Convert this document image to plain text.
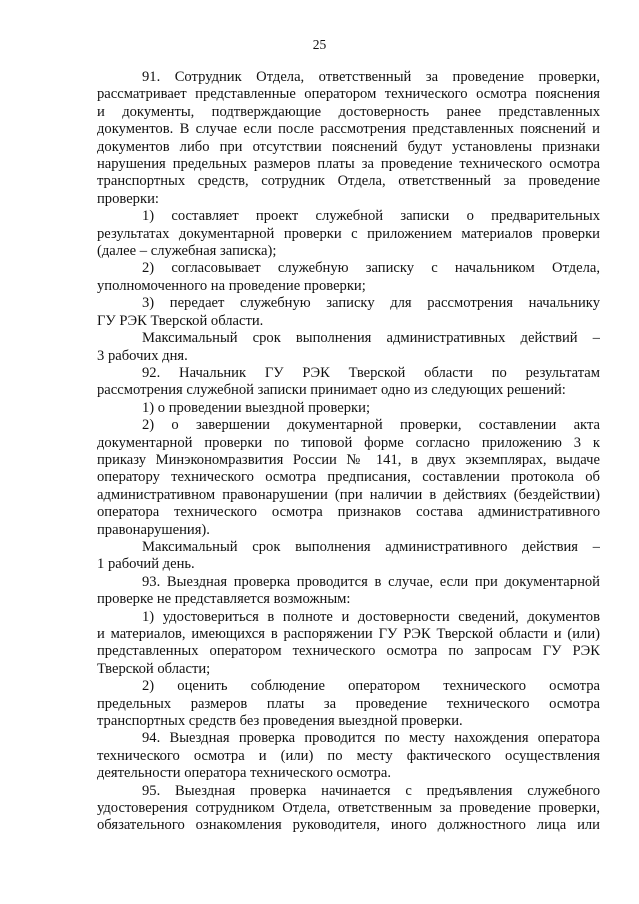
25

91. Сотрудник Отдела, ответственный за проведение проверки,

рассматривает представленные оператором технического осмотра пояснения

и документы, подтверждающие достоверность ранее представленных

документов. В случае если после рассмотрения представленных пояснений и

документов либо при отсутствии пояснений будут установлены признаки

нарушения предельных размеров платы за проведение технического осмотра

транспортных средств, сотрудник Отдела, ответственный за проведение

проверки:

1) составляет проект служебной записки о предварительных

результатах документарной проверки с приложением материалов проверки

(далее – служебная записка);

2) согласовывает служебную записку с начальником Отдела,

уполномоченного на проведение проверки;

3) передает служебную записку для рассмотрения начальнику

ГУ РЭК Тверской области.

Максимальный срок выполнения административных действий –

3 рабочих дня.

92. Начальник ГУ РЭК Тверской области по результатам

рассмотрения служебной записки принимает одно из следующих решений:

1) о проведении выездной проверки;

2) о завершении документарной проверки, составлении акта

документарной проверки по типовой форме согласно приложению 3 к

приказу Минэкономразвития России № 141, в двух экземплярах, выдаче

оператору технического осмотра предписания, составлении протокола об

административном правонарушении (при наличии в действиях (бездействии)

оператора технического осмотра признаков состава административного

правонарушения).

Максимальный срок выполнения административного действия –

1 рабочий день.

93. Выездная проверка проводится в случае, если при документарной

проверке не представляется возможным:

1) удостовериться в полноте и достоверности сведений, документов

и материалов, имеющихся в распоряжении ГУ РЭК Тверской области и (или)

представленных оператором технического осмотра по запросам ГУ РЭК

Тверской области;

2) оценить соблюдение оператором технического осмотра

предельных размеров платы за проведение технического осмотра

транспортных средств без проведения выездной проверки.

94. Выездная проверка проводится по месту нахождения оператора

технического осмотра и (или) по месту фактического осуществления

деятельности оператора технического осмотра.

95. Выездная проверка начинается с предъявления служебного

удостоверения сотрудником Отдела, ответственным за проведение проверки,

обязательного ознакомления руководителя, иного должностного лица или
